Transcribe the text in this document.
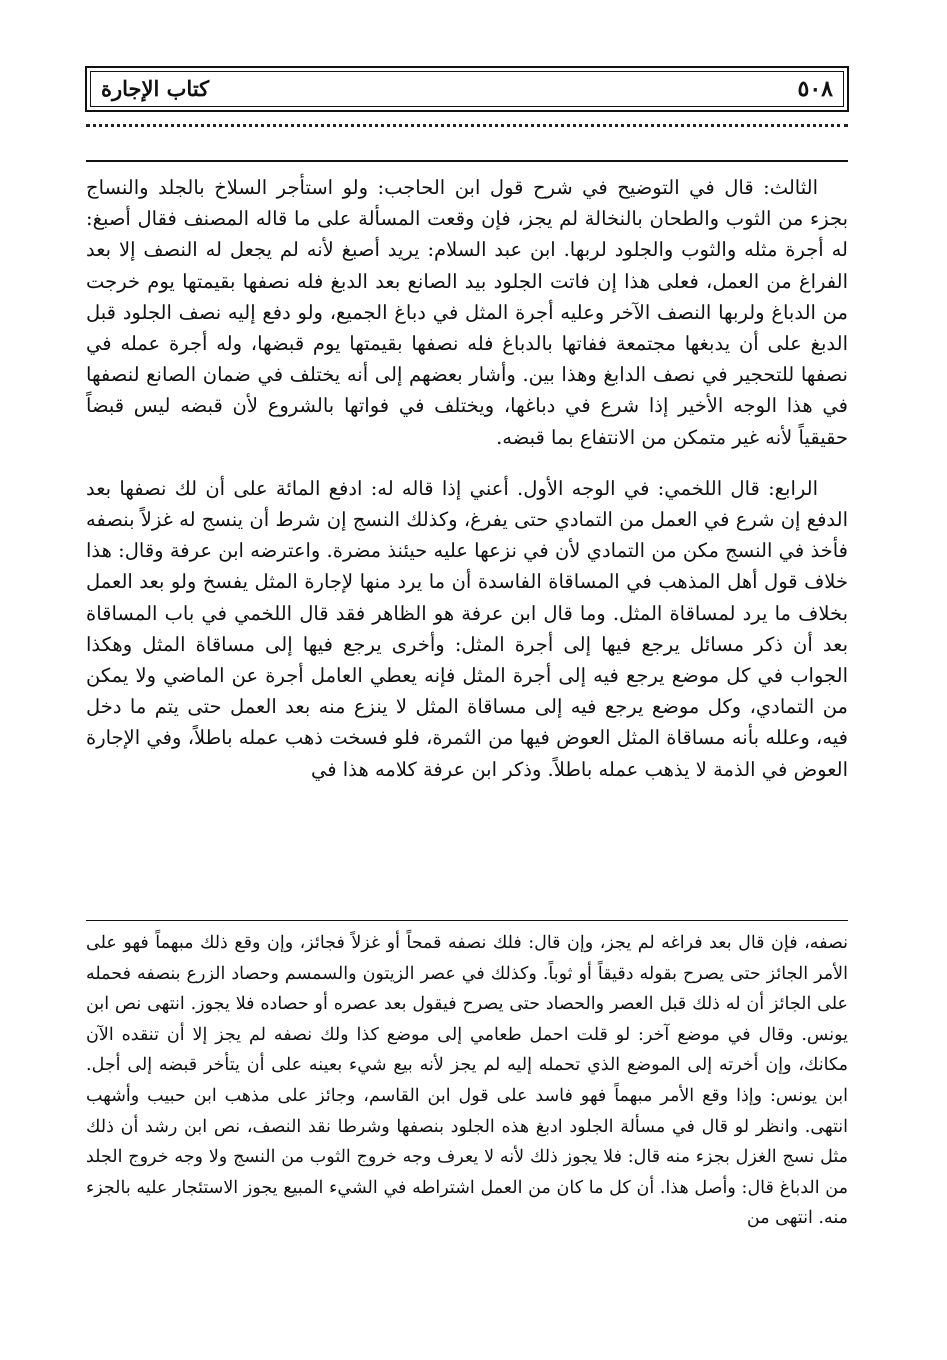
٥٠٨
كتاب الإجارة

الثالث: قال في التوضيح في شرح قول ابن الحاجب: ولو استأجر السلاخ بالجلد والنساج بجزء من الثوب والطحان بالنخالة لم يجز، فإن وقعت المسألة على ما قاله المصنف فقال أصبغ: له أجرة مثله والثوب والجلود لربها. ابن عبد السلام: يريد أصبغ لأنه لم يجعل له النصف إلا بعد الفراغ من العمل، فعلى هذا إن فاتت الجلود بيد الصانع بعد الدبغ فله نصفها بقيمتها يوم خرجت من الدباغ ولربها النصف الآخر وعليه أجرة المثل في دباغ الجميع، ولو دفع إليه نصف الجلود قبل الدبغ على أن يدبغها مجتمعة ففاتها بالدباغ فله نصفها بقيمتها يوم قبضها، وله أجرة عمله في نصفها للتحجير في نصف الدابغ وهذا بين. وأشار بعضهم إلى أنه يختلف في ضمان الصانع لنصفها في هذا الوجه الأخير إذا شرع في دباغها، ويختلف في فواتها بالشروع لأن قبضه ليس قبضاً حقيقياً لأنه غير متمكن من الانتفاع بما قبضه.

الرابع: قال اللخمي: في الوجه الأول. أعني إذا قاله له: ادفع المائة على أن لك نصفها بعد الدفع إن شرع في العمل من التمادي حتى يفرغ، وكذلك النسج إن شرط أن ينسج له غزلاً بنصفه فأخذ في النسج مكن من التمادي لأن في نزعها عليه حيئنذ مضرة. واعترضه ابن عرفة وقال: هذا خلاف قول أهل المذهب في المساقاة الفاسدة أن ما يرد منها لإجارة المثل يفسخ ولو بعد العمل بخلاف ما يرد لمساقاة المثل. وما قال ابن عرفة هو الظاهر فقد قال اللخمي في باب المساقاة بعد أن ذكر مسائل يرجع فيها إلى أجرة المثل: وأخرى يرجع فيها إلى مساقاة المثل وهكذا الجواب في كل موضع يرجع فيه إلى أجرة المثل فإنه يعطي العامل أجرة عن الماضي ولا يمكن من التمادي، وكل موضع يرجع فيه إلى مساقاة المثل لا ينزع منه بعد العمل حتى يتم ما دخل فيه، وعلله بأنه مساقاة المثل العوض فيها من الثمرة، فلو فسخت ذهب عمله باطلاً، وفي الإجارة العوض في الذمة لا يذهب عمله باطلاً. وذكر ابن عرفة كلامه هذا في

نصفه، فإن قال بعد فراغه لم يجز، وإن قال: فلك نصفه قمحاً أو غزلاً فجائز، وإن وقع ذلك مبهماً فهو على الأمر الجائز حتى يصرح بقوله دقيقاً أو ثوباً. وكذلك في عصر الزيتون والسمسم وحصاد الزرع بنصفه فحمله على الجائز أن له ذلك قبل العصر والحصاد حتى يصرح فيقول بعد عصره أو حصاده فلا يجوز. انتهى نص ابن يونس. وقال في موضع آخر: لو قلت احمل طعامي إلى موضع كذا ولك نصفه لم يجز إلا أن تنقده الآن مكانك، وإن أخرته إلى الموضع الذي تحمله إليه لم يجز لأنه بيع شيء بعينه على أن يتأخر قبضه إلى أجل. ابن يونس: وإذا وقع الأمر مبهماً فهو فاسد على قول ابن القاسم، وجائز على مذهب ابن حبيب وأشهب انتهى. وانظر لو قال في مسألة الجلود ادبغ هذه الجلود بنصفها وشرطا نقد النصف، نص ابن رشد أن ذلك مثل نسج الغزل بجزء منه قال: فلا يجوز ذلك لأنه لا يعرف وجه خروج الثوب من النسج ولا وجه خروج الجلد من الدباغ قال: وأصل هذا. أن كل ما كان من العمل اشتراطه في الشيء المبيع يجوز الاستئجار عليه بالجزء منه. انتهى من
